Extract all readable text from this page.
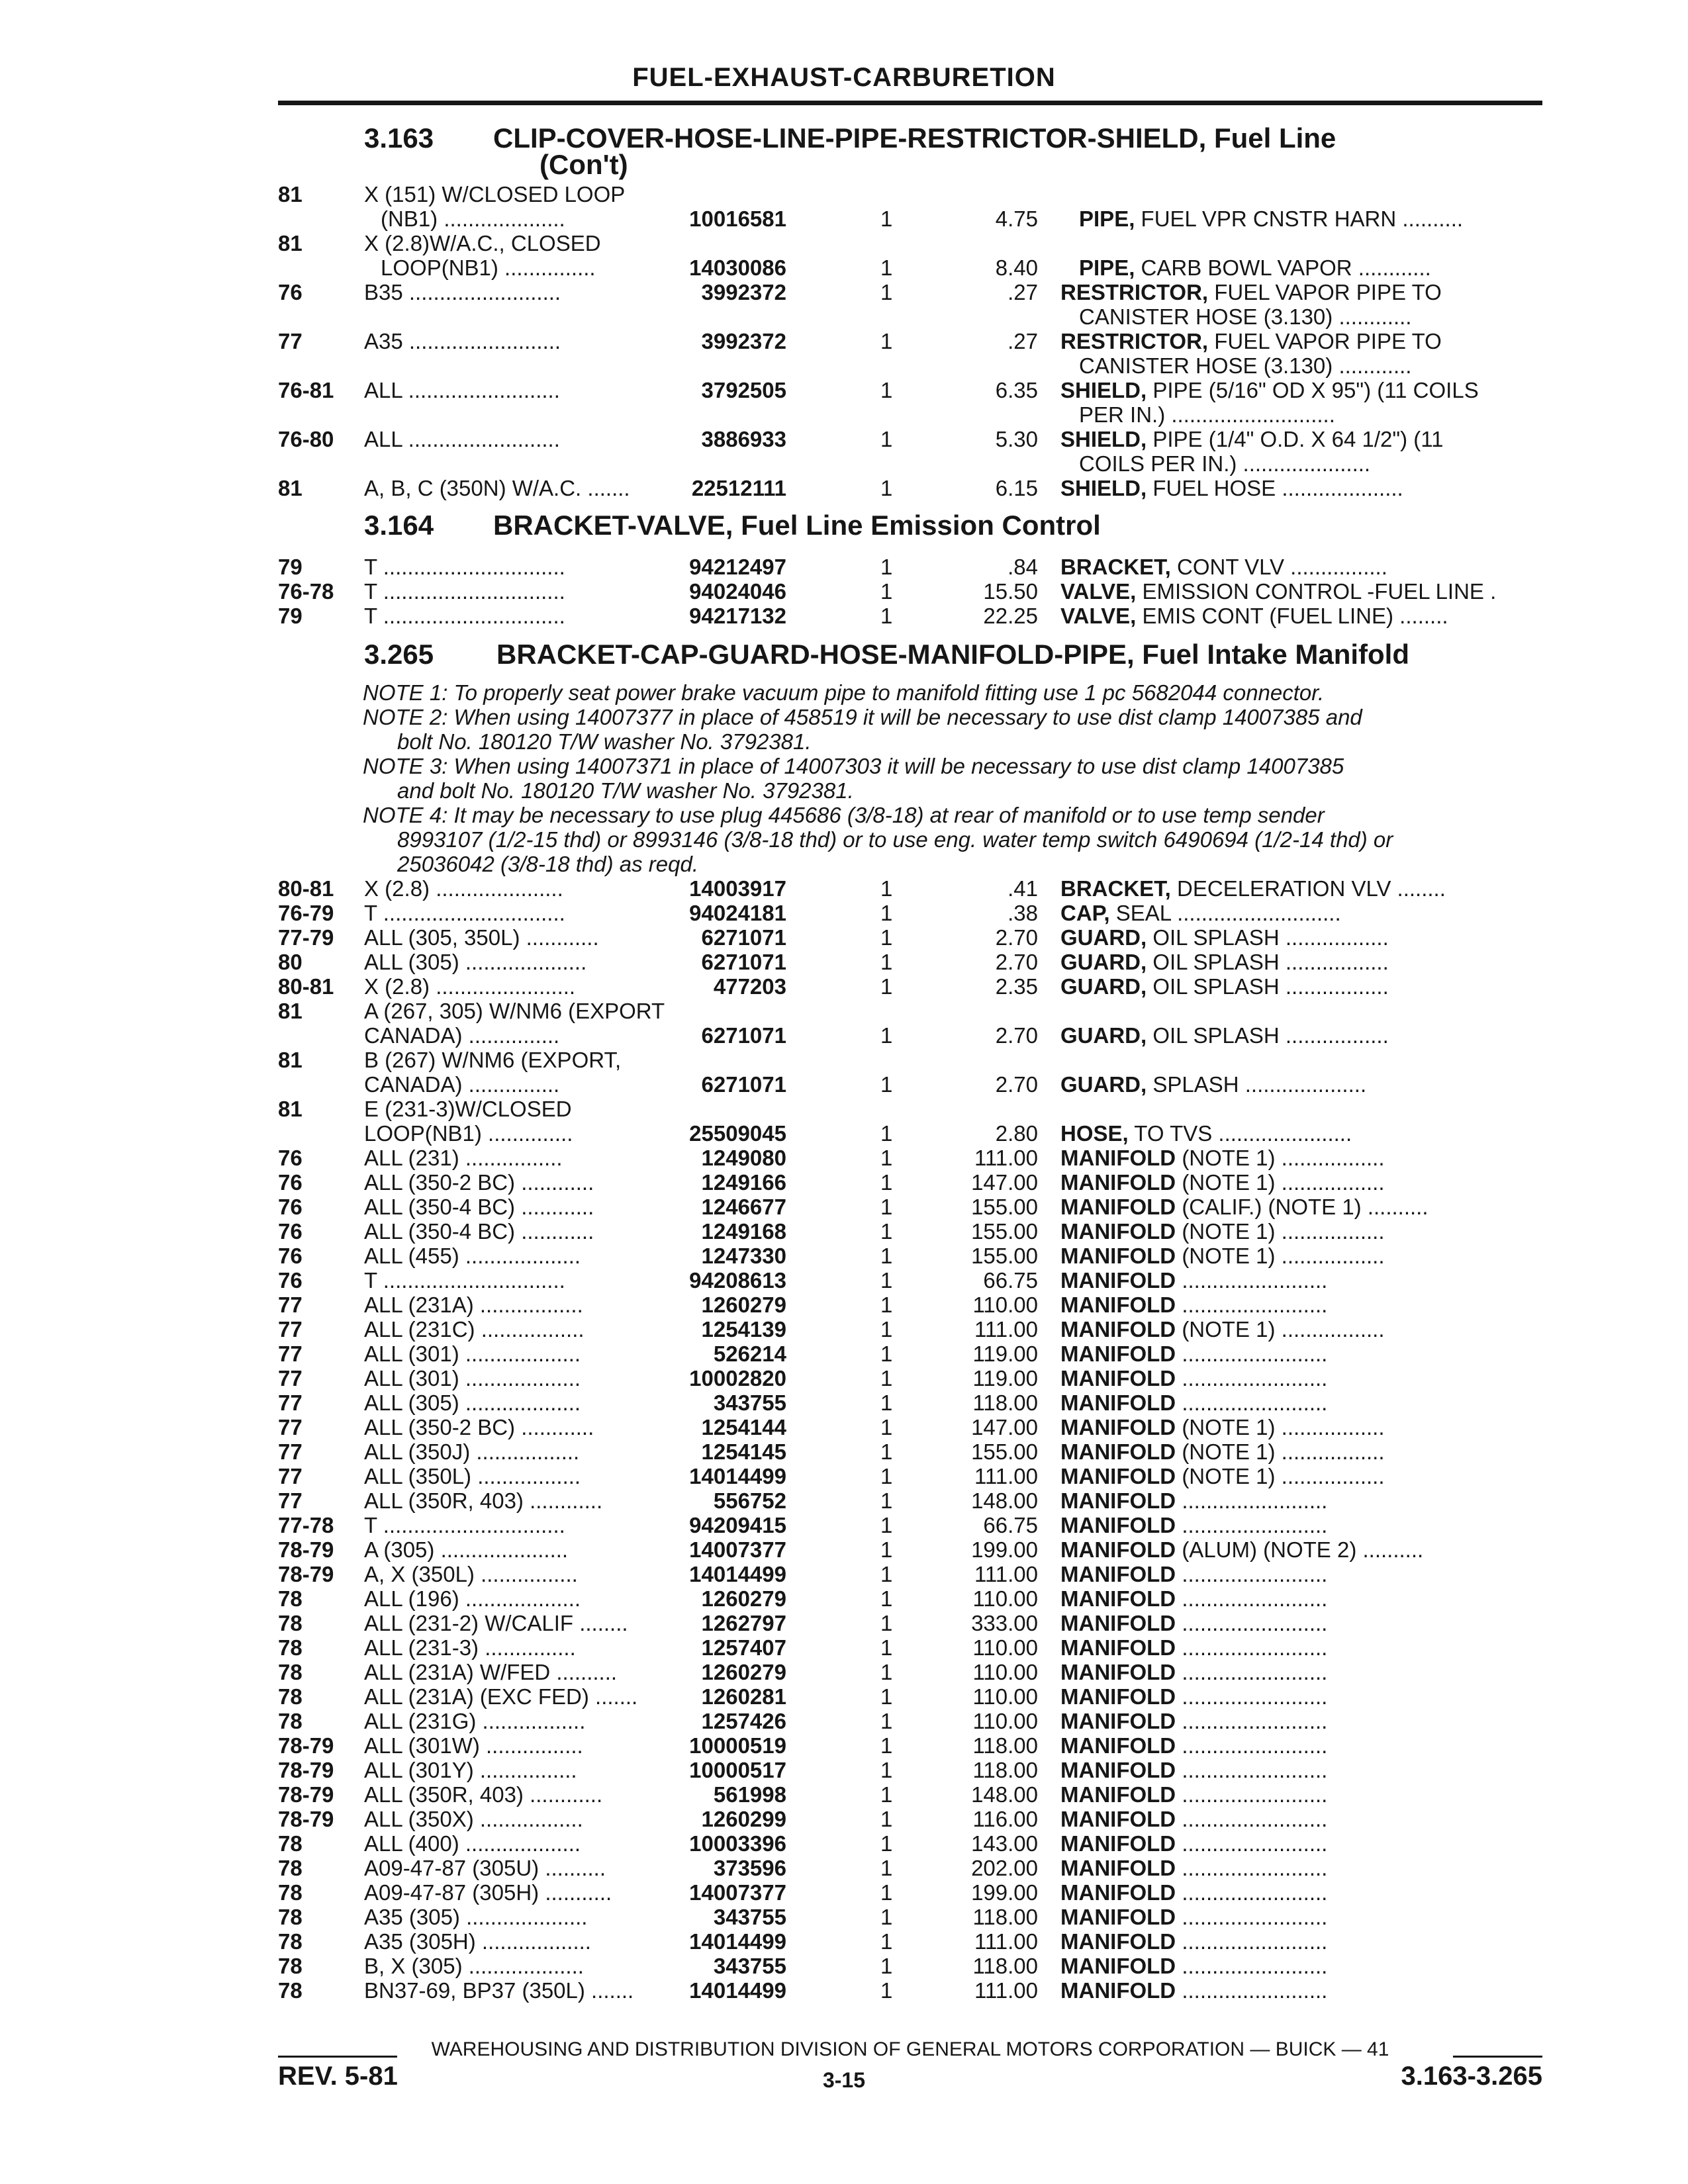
FUEL-EXHAUST-CARBURETION
3.163 CLIP-COVER-HOSE-LINE-PIPE-RESTRICTOR-SHIELD, Fuel Line
(Con't)
81	X (151) W/CLOSED LOOP
(NB1) ....................	10016581	1	4.75 PIPE, FUEL VPR CNSTR HARN ..........
81	X (2.8)W/A.C., CLOSED
LOOP(NB1) ...............	14030086	1	8.40 PIPE, CARB BOWL VAPOR ............
76	B35 .........................	3992372	1	.27 RESTRICTOR, FUEL VAPOR PIPE TO
CANISTER HOSE (3.130) ............
77	A35 .........................	3992372	1	.27 RESTRICTOR, FUEL VAPOR PIPE TO
CANISTER HOSE (3.130) ............
76-81 ALL .........................	3792505	1	6.35 SHIELD, PIPE (5/16" OD X 95") (11 COILS
PER IN.) ...........................
76-80 ALL .........................	3886933	1	5.30 SHIELD, PIPE (1/4" O.D. X 64 1/2") (11
COILS PER IN.) .....................
81	A, B, C (350N) W/A.C. .......	22512111	1	6.15 SHIELD, FUEL HOSE ....................
3.164 BRACKET-VALVE, Fuel Line Emission Control
79	T ..............................	94212497	1	.84 BRACKET, CONT VLV ................
76-78 T ..............................	94024046	1	15.50 VALVE, EMISSION CONTROL -FUEL LINE .
79	T ..............................	94217132	1	22.25 VALVE, EMIS CONT (FUEL LINE) ........
3.265 BRACKET-CAP-GUARD-HOSE-MANIFOLD-PIPE, Fuel Intake Manifold
NOTE 1: To properly seat power brake vacuum pipe to manifold fitting use 1 pc 5682044 connector.
NOTE 2: When using 14007377 in place of 458519 it will be necessary to use dist clamp 14007385 and
bolt No. 180120 T/W washer No. 3792381.
NOTE 3: When using 14007371 in place of 14007303 it will be necessary to use dist clamp 14007385
and bolt No. 180120 T/W washer No. 3792381.
NOTE 4: It may be necessary to use plug 445686 (3/8-18) at rear of manifold or to use temp sender
8993107 (1/2-15 thd) or 8993146 (3/8-18 thd) or to use eng. water temp switch 6490694 (1/2-14 thd) or
25036042 (3/8-18 thd) as reqd.
80-81 X (2.8) .....................	14003917	1	.41 BRACKET, DECELERATION VLV ........
76-79 T ..............................	94024181	1	.38 CAP, SEAL ...........................
77-79 ALL (305, 350L) ............	6271071	1	2.70 GUARD, OIL SPLASH .................
80	ALL (305) ....................	6271071	1	2.70 GUARD, OIL SPLASH .................
80-81 X (2.8) .......................	477203	1	2.35 GUARD, OIL SPLASH .................
81	A (267, 305) W/NM6 (EXPORT
CANADA) ...............	6271071	1	2.70 GUARD, OIL SPLASH .................
81	B (267) W/NM6 (EXPORT,
CANADA) ...............	6271071	1	2.70 GUARD, SPLASH ....................
81	E (231-3)W/CLOSED
LOOP(NB1) ..............	25509045	1	2.80 HOSE, TO TVS ......................
76	ALL (231) ................	1249080	1	111.00 MANIFOLD (NOTE 1) .................
76	ALL (350-2 BC) ............	1249166	1	147.00 MANIFOLD (NOTE 1) .................
76	ALL (350-4 BC) ............	1246677	1	155.00 MANIFOLD (CALIF.) (NOTE 1) ..........
76	ALL (350-4 BC) ............	1249168	1	155.00 MANIFOLD (NOTE 1) .................
76	ALL (455) ...................	1247330	1	155.00 MANIFOLD (NOTE 1) .................
76	T ..............................	94208613	1	66.75 MANIFOLD ........................
77	ALL (231A) .................	1260279	1	110.00 MANIFOLD ........................
77	ALL (231C) .................	1254139	1	111.00 MANIFOLD (NOTE 1) .................
77	ALL (301) ...................	526214	1	119.00 MANIFOLD ........................
77	ALL (301) ...................	10002820	1	119.00 MANIFOLD ........................
77	ALL (305) ...................	343755	1	118.00 MANIFOLD ........................
77	ALL (350-2 BC) ............	1254144	1	147.00 MANIFOLD (NOTE 1) .................
77	ALL (350J) .................	1254145	1	155.00 MANIFOLD (NOTE 1) .................
77	ALL (350L) .................	14014499	1	111.00 MANIFOLD (NOTE 1) .................
77	ALL (350R, 403) ............	556752	1	148.00 MANIFOLD ........................
77-78 T ..............................	94209415	1	66.75 MANIFOLD ........................
78-79 A (305) .....................	14007377	1	199.00 MANIFOLD (ALUM) (NOTE 2) ..........
78-79 A, X (350L) ................	14014499	1	111.00 MANIFOLD ........................
78	ALL (196) ...................	1260279	1	110.00 MANIFOLD ........................
78	ALL (231-2) W/CALIF ........	1262797	1	333.00 MANIFOLD ........................
78	ALL (231-3) ...............	1257407	1	110.00 MANIFOLD ........................
78	ALL (231A) W/FED ..........	1260279	1	110.00 MANIFOLD ........................
78	ALL (231A) (EXC FED) .......	1260281	1	110.00 MANIFOLD ........................
78	ALL (231G) .................	1257426	1	110.00 MANIFOLD ........................
78-79 ALL (301W) ................	10000519	1	118.00 MANIFOLD ........................
78-79 ALL (301Y) ................	10000517	1	118.00 MANIFOLD ........................
78-79 ALL (350R, 403) ............	561998	1	148.00 MANIFOLD ........................
78-79 ALL (350X) .................	1260299	1	116.00 MANIFOLD ........................
78	ALL (400) ...................	10003396	1	143.00 MANIFOLD ........................
78	A09-47-87 (305U) ..........	373596	1	202.00 MANIFOLD ........................
78	A09-47-87 (305H) ...........	14007377	1	199.00 MANIFOLD ........................
78	A35 (305) ....................	343755	1	118.00 MANIFOLD ........................
78	A35 (305H) ..................	14014499	1	111.00 MANIFOLD ........................
78	B, X (305) ...................	343755	1	118.00 MANIFOLD ........................
78	BN37-69, BP37 (350L) .......	14014499	1	111.00 MANIFOLD ........................
WAREHOUSING AND DISTRIBUTION DIVISION OF GENERAL MOTORS CORPORATION — BUICK — 41
REV. 5-81	3-15	3.163-3.265
